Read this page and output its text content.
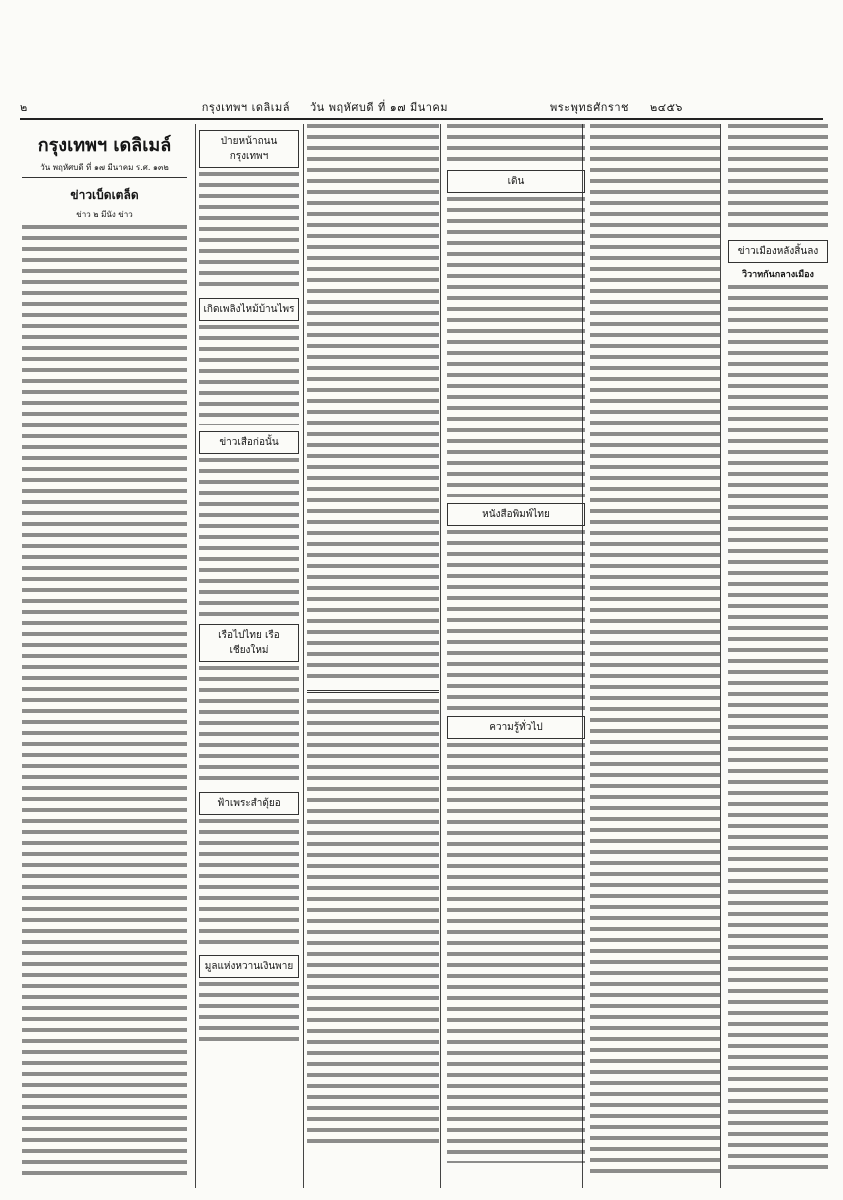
๒	กรุงเทพฯ เดลิเมล์	วัน พฤหัศบดี ที่ ๑๗ มีนาคม	พระพุทธศักราช	๒๔๕๖
กรุงเทพฯ เดลิเมล์
วัน พฤหัศบดี ที่ ๑๗ มีนาคม ร.ศ. ๑๓๒
ข่าวเบ็ดเตล็ด
ข่าว ๒ มีนัง ข่าว
ป่ายหน้าถนนกรุงเทพฯ
เกิดเพลิงไหม้บ้านไพร
ข่าวเสือก่อนั้น
เรือไปไทย เรือเชียงใหม่
ฟ้าเพระสำดุ้ยอ
มูลแห่งหวานเงินพาย
เดิน
หนังสือพิมพ์ไทย
ความรู้ทั่วไป
ข่าวเมืองหลังสิ้นลง
วิวาทกันกลางเมือง
